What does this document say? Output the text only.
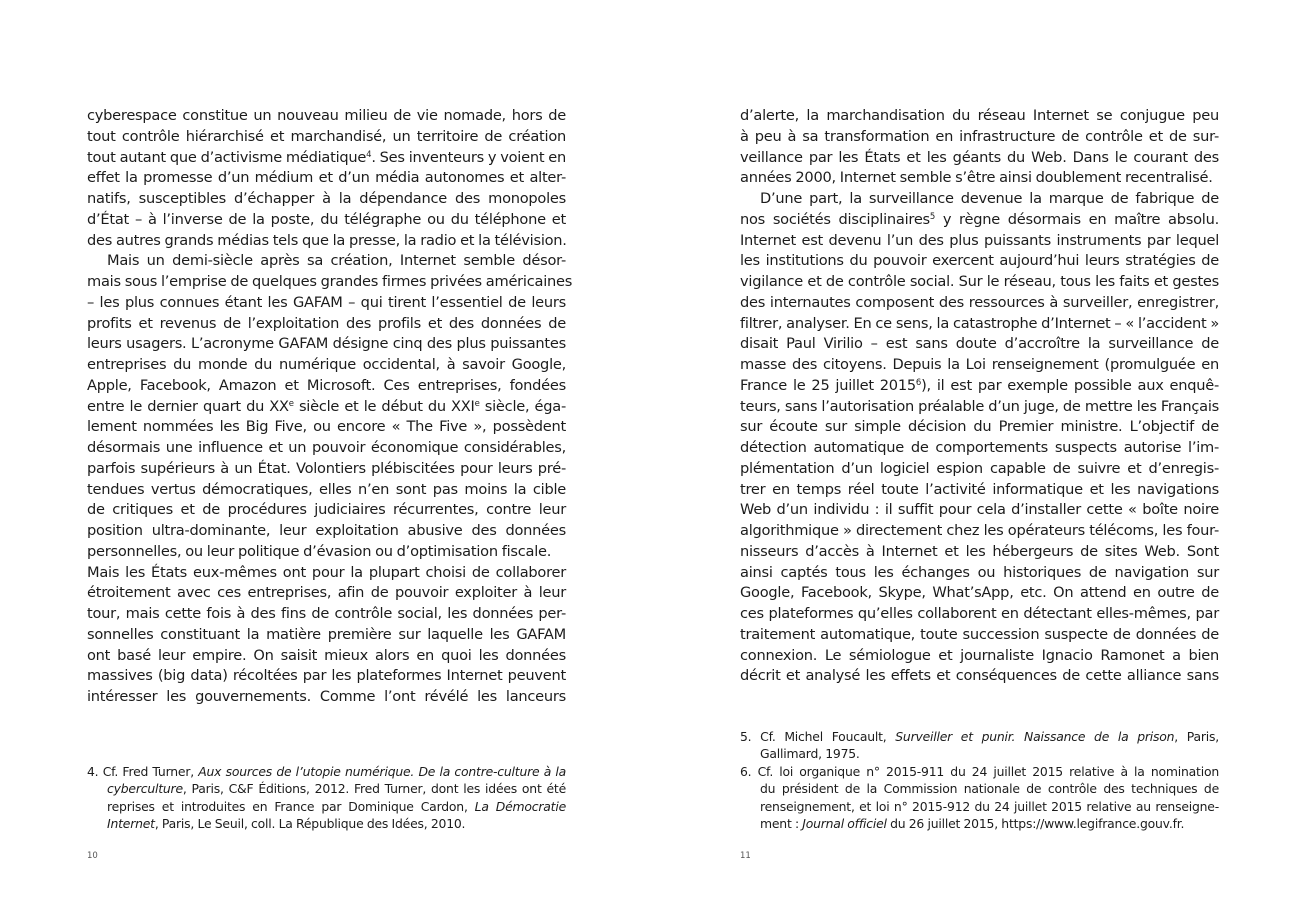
cyberespace constitue un nouveau milieu de vie nomade, hors de
tout contrôle hiérarchisé et marchandisé, un territoire de création
tout autant que d’activisme médiatique$^4$. Ses inventeurs y voient en
effet la promesse d’un médium et d’un média autonomes et alter-
natifs, susceptibles d’échapper à la dépendance des monopoles
d’État – à l’inverse de la poste, du télégraphe ou du téléphone et
des autres grands médias tels que la presse, la radio et la télévision.
Mais un demi-siècle après sa création, Internet semble désor-
mais sous l’emprise de quelques grandes firmes privées américaines
– les plus connues étant les GAFAM – qui tirent l’essentiel de leurs
profits et revenus de l’exploitation des profils et des données de
leurs usagers. L’acronyme GAFAM désigne cinq des plus puissantes
entreprises du monde du numérique occidental, à savoir Google,
Apple, Facebook, Amazon et Microsoft. Ces entreprises, fondées
entre le dernier quart du XXe siècle et le début du XXIe siècle, éga-
lement nommées les Big Five, ou encore « The Five », possèdent
désormais une influence et un pouvoir économique considérables,
parfois supérieurs à un État. Volontiers plébiscitées pour leurs pré-
tendues vertus démocratiques, elles n’en sont pas moins la cible
de critiques et de procédures judiciaires récurrentes, contre leur
position ultra-dominante, leur exploitation abusive des données
personnelles, ou leur politique d’évasion ou d’optimisation fiscale.
Mais les États eux-mêmes ont pour la plupart choisi de collaborer
étroitement avec ces entreprises, afin de pouvoir exploiter à leur
tour, mais cette fois à des fins de contrôle social, les données per-
sonnelles constituant la matière première sur laquelle les GAFAM
ont basé leur empire. On saisit mieux alors en quoi les données
massives (big data) récoltées par les plateformes Internet peuvent
intéresser les gouvernements. Comme l’ont révélé les lanceurs
4. Cf. Fred Turner, Aux sources de l’utopie numérique. De la contre-culture à la
cyberculture, Paris, C&F Éditions, 2012. Fred Turner, dont les idées ont été
reprises et introduites en France par Dominique Cardon, La Démocratie
Internet, Paris, Le Seuil, coll. La République des Idées, 2010.
10
d’alerte, la marchandisation du réseau Internet se conjugue peu
à peu à sa transformation en infrastructure de contrôle et de sur-
veillance par les États et les géants du Web. Dans le courant des
années 2000, Internet semble s’être ainsi doublement recentralisé.
D’une part, la surveillance devenue la marque de fabrique de
nos sociétés disciplinaires$^5$ y règne désormais en maître absolu.
Internet est devenu l’un des plus puissants instruments par lequel
les institutions du pouvoir exercent aujourd’hui leurs stratégies de
vigilance et de contrôle social. Sur le réseau, tous les faits et gestes
des internautes composent des ressources à surveiller, enregistrer,
filtrer, analyser. En ce sens, la catastrophe d’Internet – « l’accident »
disait Paul Virilio – est sans doute d’accroître la surveillance de
masse des citoyens. Depuis la Loi renseignement (promulguée en
France le 25 juillet 2015$^6$), il est par exemple possible aux enquê-
teurs, sans l’autorisation préalable d’un juge, de mettre les Français
sur écoute sur simple décision du Premier ministre. L’objectif de
détection automatique de comportements suspects autorise l’im-
plémentation d’un logiciel espion capable de suivre et d’enregis-
trer en temps réel toute l’activité informatique et les navigations
Web d’un individu : il suffit pour cela d’installer cette « boîte noire
algorithmique » directement chez les opérateurs télécoms, les four-
nisseurs d’accès à Internet et les hébergeurs de sites Web. Sont
ainsi captés tous les échanges ou historiques de navigation sur
Google, Facebook, Skype, What’sApp, etc. On attend en outre de
ces plateformes qu’elles collaborent en détectant elles-mêmes, par
traitement automatique, toute succession suspecte de données de
connexion. Le sémiologue et journaliste Ignacio Ramonet a bien
décrit et analysé les effets et conséquences de cette alliance sans
5. Cf. Michel Foucault, Surveiller et punir. Naissance de la prison, Paris,
Gallimard, 1975.
6. Cf. loi organique n° 2015-911 du 24 juillet 2015 relative à la nomination
du président de la Commission nationale de contrôle des techniques de
renseignement, et loi n° 2015-912 du 24 juillet 2015 relative au renseigne-
ment : Journal officiel du 26 juillet 2015, https://www.legifrance.gouv.fr.
11
